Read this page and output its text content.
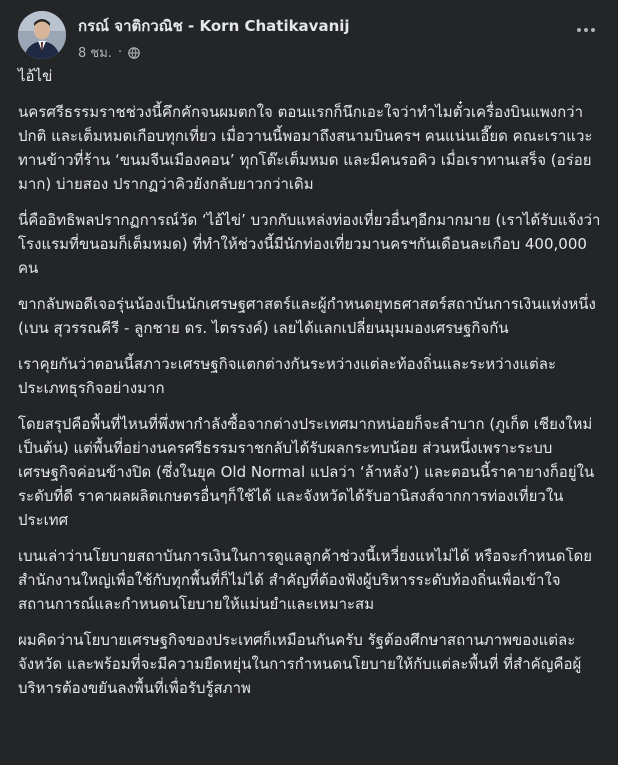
กรณ์ จาติกวณิช - Korn Chatikavanij
8 ชม. ·

ไอ้ไข่

นครศรีธรรมราชช่วงนี้คึกคักจนผมตกใจ ตอนแรกก็นึกเอะใจว่าทำไมตั๋วเครื่องบินแพงกว่าปกติ และเต็มหมดเกือบทุกเที่ยว เมื่อวานนี้พอมาถึงสนามบินครฯ คนแน่นเอี๊ยด คณะเราแวะทานข้าวที่ร้าน ‘ขนมจีนเมืองคอน’ ทุกโต๊ะเต็มหมด และมีคนรอคิว เมื่อเราทานเสร็จ (อร่อยมาก) บ่ายสอง ปรากฏว่าคิวยังกลับยาวกว่าเดิม

นี่คืออิทธิพลปรากฏการณ์วัด ‘ไอ้ไข่’ บวกกับแหล่งท่องเที่ยวอื่นๆอีกมากมาย (เราได้รับแจ้งว่าโรงแรมที่ขนอมก็เต็มหมด) ที่ทำให้ช่วงนี้มีนักท่องเที่ยวมานครฯกันเดือนละเกือบ 400,000 คน

ขากลับพอดีเจอรุ่นน้องเป็นนักเศรษฐศาสตร์และผู้กำหนดยุทธศาสตร์สถาบันการเงินแห่งหนึ่ง (เบน สุวรรณคีรี - ลูกชาย ดร. ไตรรงค์) เลยได้แลกเปลี่ยนมุมมองเศรษฐกิจกัน

เราคุยกันว่าตอนนี้สภาวะเศรษฐกิจแตกต่างกันระหว่างแต่ละท้องถิ่นและระหว่างแต่ละประเภทธุรกิจอย่างมาก

โดยสรุปคือพื้นที่ไหนที่พึ่งพากำลังซื้อจากต่างประเทศมากหน่อยก็จะลำบาก (ภูเก็ต เชียงใหม่ เป็นต้น) แต่พื้นที่อย่างนครศรีธรรมราชกลับได้รับผลกระทบน้อย ส่วนหนึ่งเพราะระบบเศรษฐกิจค่อนข้างปิด (ซึ่งในยุค Old Normal แปลว่า ‘ล้าหลัง’) และตอนนี้ราคายางก็อยู่ในระดับที่ดี ราคาผลผลิตเกษตรอื่นๆก็ใช้ได้ และจังหวัดได้รับอานิสงส์จากการท่องเที่ยวในประเทศ

เบนเล่าว่านโยบายสถาบันการเงินในการดูแลลูกค้าช่วงนี้เหวี่ยงแหไม่ได้ หรือจะกำหนดโดยสำนักงานใหญ่เพื่อใช้กับทุกพื้นที่ก็ไม่ได้ สำคัญที่ต้องฟังผู้บริหารระดับท้องถิ่นเพื่อเข้าใจสถานการณ์และกำหนดนโยบายให้แม่นยำและเหมาะสม

ผมคิดว่านโยบายเศรษฐกิจของประเทศก็เหมือนกันครับ รัฐต้องศึกษาสถานภาพของแต่ละจังหวัด และพร้อมที่จะมีความยืดหยุ่นในการกำหนดนโยบายให้กับแต่ละพื้นที่ ที่สำคัญคือผู้บริหารต้องขยันลงพื้นที่เพื่อรับรู้สภาพ
